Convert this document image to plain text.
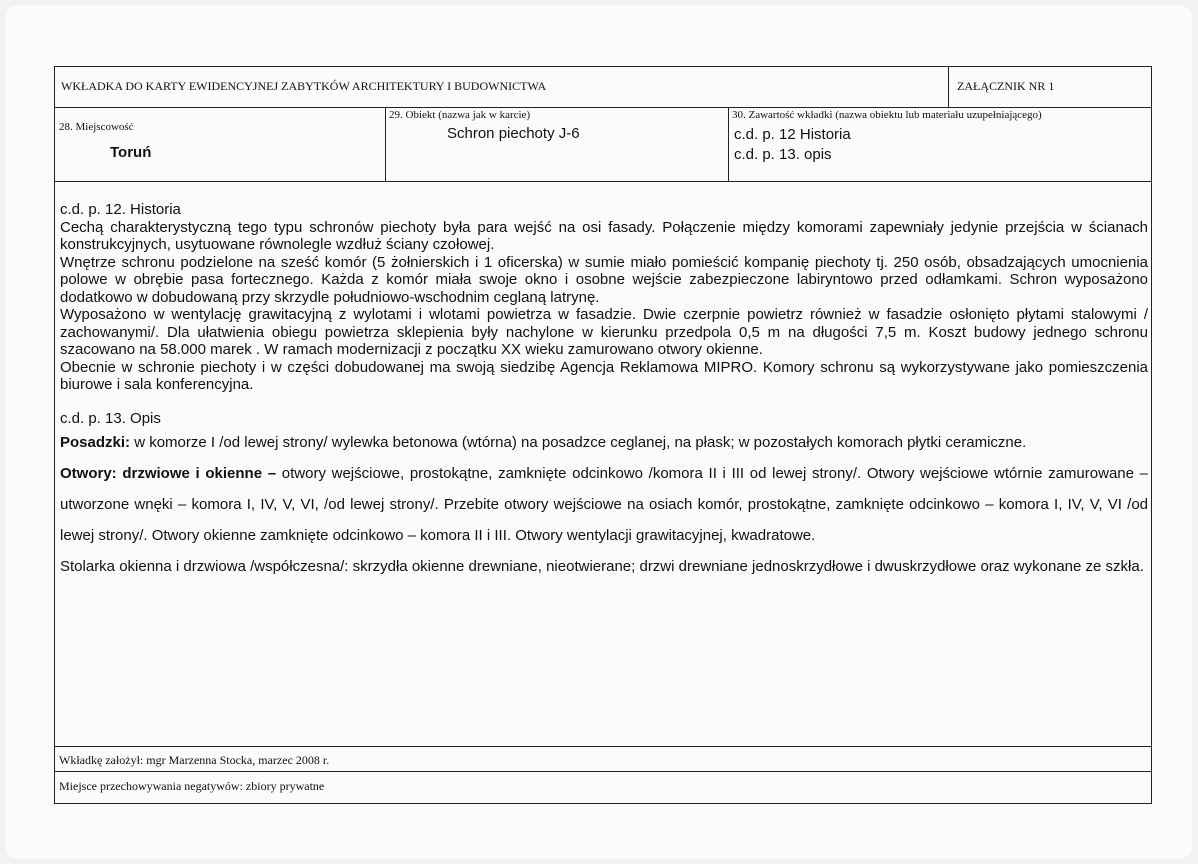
WKŁADKA DO KARTY EWIDENCYJNEJ ZABYTKÓW ARCHITEKTURY I BUDOWNICTWA	ZAŁĄCZNIK NR 1
28. Miejscowość
Toruń
29. Obiekt (nazwa jak w karcie)
Schron piechoty J-6
30. Zawartość wkładki (nazwa obiektu lub materiału uzupełniającego)
c.d. p. 12 Historia
c.d. p. 13. opis

c.d. p. 12. Historia

Cechą charakterystyczną tego typu schronów piechoty była para wejść na osi fasady. Połączenie między komorami zapewniały jedynie przejścia w ścianach konstrukcyjnych, usytuowane równolegle wzdłuż ściany czołowej.

Wnętrze schronu podzielone na sześć komór (5 żołnierskich i 1 oficerska) w sumie miało pomieścić kompanię piechoty tj. 250 osób, obsadzających umocnienia polowe w obrębie pasa fortecznego. Każda z komór miała swoje okno i osobne wejście zabezpieczone labiryntowo przed odłamkami. Schron wyposażono dodatkowo w dobudowaną przy skrzydle południowo-wschodnim ceglaną latrynę.

Wyposażono w wentylację grawitacyjną z wylotami i wlotami powietrza w fasadzie. Dwie czerpnie powietrz również w fasadzie osłonięto płytami stalowymi / zachowanymi/. Dla ułatwienia obiegu powietrza sklepienia były nachylone w kierunku przedpola 0,5 m na długości 7,5 m. Koszt budowy jednego schronu szacowano na 58.000 marek . W ramach modernizacji z początku XX wieku zamurowano otwory okienne.

Obecnie w schronie piechoty i w części dobudowanej ma swoją siedzibę Agencja Reklamowa MIPRO. Komory schronu są wykorzystywane jako pomieszczenia biurowe i sala konferencyjna.

c.d. p. 13. Opis

Posadzki: w komorze I /od lewej strony/ wylewka betonowa (wtórna) na posadzce ceglanej, na płask; w pozostałych komorach płytki ceramiczne.

Otwory: drzwiowe i okienne – otwory wejściowe, prostokątne, zamknięte odcinkowo /komora II i III od lewej strony/. Otwory wejściowe wtórnie zamurowane – utworzone wnęki – komora I, IV, V, VI, /od lewej strony/. Przebite otwory wejściowe na osiach komór, prostokątne, zamknięte odcinkowo – komora I, IV, V, VI /od lewej strony/. Otwory okienne zamknięte odcinkowo – komora II i III. Otwory wentylacji grawitacyjnej, kwadratowe.

Stolarka okienna i drzwiowa /współczesna/: skrzydła okienne drewniane, nieotwierane; drzwi drewniane jednoskrzydłowe i dwuskrzydłowe oraz wykonane ze szkła.

Wkładkę założył: mgr Marzenna Stocka, marzec 2008 r.
Miejsce przechowywania negatywów: zbiory prywatne
